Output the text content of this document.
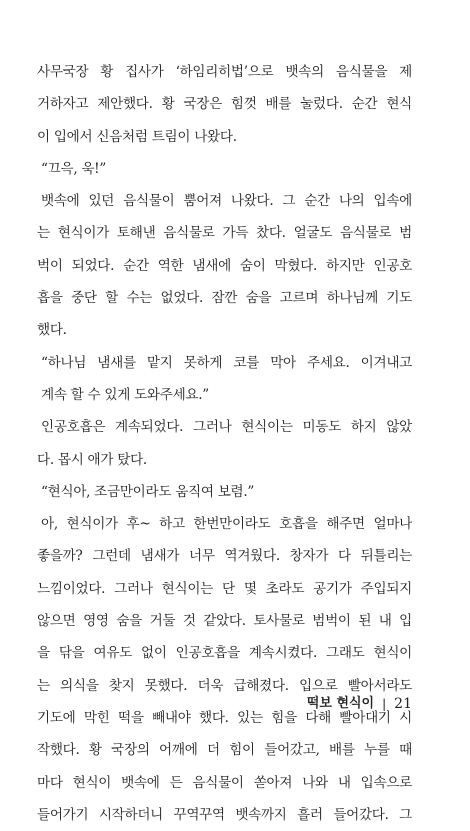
사무국장 황 집사가 ‘하임리히법’으로 뱃속의 음식물을 제
거하자고 제안했다. 황 국장은 힘껏 배를 눌렀다. 순간 현식
이 입에서 신음처럼 트림이 나왔다.
“끄윽, 욱!”
뱃속에 있던 음식물이 뿜어져 나왔다. 그 순간 나의 입속에
는 현식이가 토해낸 음식물로 가득 찼다. 얼굴도 음식물로 범
벅이 되었다. 순간 역한 냄새에 숨이 막혔다. 하지만 인공호
흡을 중단 할 수는 없었다. 잠깐 숨을 고르며 하나님께 기도
했다.
“하나님 냄새를 맡지 못하게 코를 막아 주세요. 이겨내고
계속 할 수 있게 도와주세요.”
인공호흡은 계속되었다. 그러나 현식이는 미동도 하지 않았
다. 몹시 애가 탔다.
“현식아, 조금만이라도 움직여 보렴.”
아, 현식이가 후~ 하고 한번만이라도 호흡을 해주면 얼마나
좋을까? 그런데 냄새가 너무 역겨웠다. 창자가 다 뒤틀리는
느낌이었다. 그러나 현식이는 단 몇 초라도 공기가 주입되지
않으면 영영 숨을 거둘 것 같았다. 토사물로 범벅이 된 내 입
을 닦을 여유도 없이 인공호흡을 계속시켰다. 그래도 현식이
는 의식을 찾지 못했다. 더욱 급해졌다. 입으로 빨아서라도
기도에 막힌 떡을 빼내야 했다. 있는 힘을 다해 빨아대기 시
작했다. 황 국장의 어깨에 더 힘이 들어갔고, 배를 누를 때
마다 현식이 뱃속에 든 음식물이 쏟아져 나와 내 입속으로
들어가기 시작하더니 꾸역꾸역 뱃속까지 흘러 들어갔다. 그
떡보 현식이 | 21
